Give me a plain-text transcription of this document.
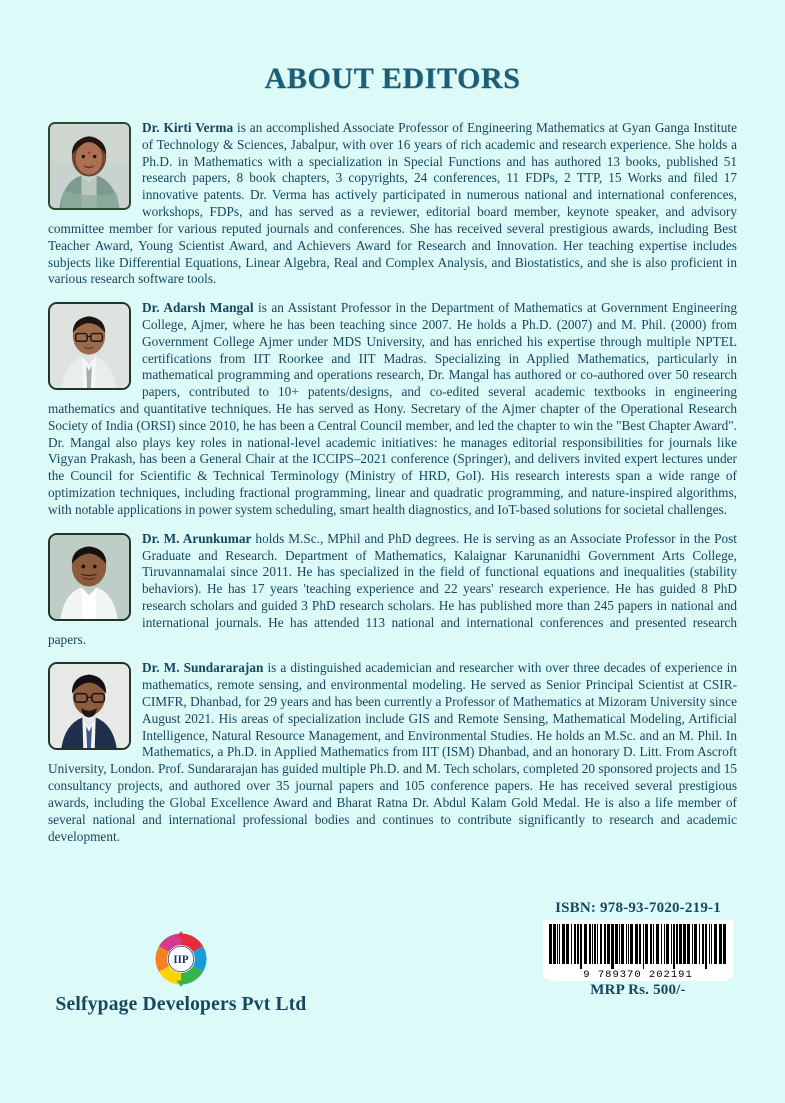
ABOUT EDITORS
Dr. Kirti Verma is an accomplished Associate Professor of Engineering Mathematics at Gyan Ganga Institute of Technology & Sciences, Jabalpur, with over 16 years of rich academic and research experience. She holds a Ph.D. in Mathematics with a specialization in Special Functions and has authored 13 books, published 51 research papers, 8 book chapters, 3 copyrights, 24 conferences, 11 FDPs, 2 TTP, 15 Works and filed 17 innovative patents. Dr. Verma has actively participated in numerous national and international conferences, workshops, FDPs, and has served as a reviewer, editorial board member, keynote speaker, and advisory committee member for various reputed journals and conferences. She has received several prestigious awards, including Best Teacher Award, Young Scientist Award, and Achievers Award for Research and Innovation. Her teaching expertise includes subjects like Differential Equations, Linear Algebra, Real and Complex Analysis, and Biostatistics, and she is also proficient in various research software tools.
Dr. Adarsh Mangal is an Assistant Professor in the Department of Mathematics at Government Engineering College, Ajmer, where he has been teaching since 2007. He holds a Ph.D. (2007) and M. Phil. (2000) from Government College Ajmer under MDS University, and has enriched his expertise through multiple NPTEL certifications from IIT Roorkee and IIT Madras. Specializing in Applied Mathematics, particularly in mathematical programming and operations research, Dr. Mangal has authored or co-authored over 50 research papers, contributed to 10+ patents/designs, and co-edited several academic textbooks in engineering mathematics and quantitative techniques. He has served as Hony. Secretary of the Ajmer chapter of the Operational Research Society of India (ORSI) since 2010, he has been a Central Council member, and led the chapter to win the "Best Chapter Award". Dr. Mangal also plays key roles in national-level academic initiatives: he manages editorial responsibilities for journals like Vigyan Prakash, has been a General Chair at the ICCIPS–2021 conference (Springer), and delivers invited expert lectures under the Council for Scientific & Technical Terminology (Ministry of HRD, GoI). His research interests span a wide range of optimization techniques, including fractional programming, linear and quadratic programming, and nature-inspired algorithms, with notable applications in power system scheduling, smart health diagnostics, and IoT-based solutions for societal challenges.
Dr. M. Arunkumar holds M.Sc., MPhil and PhD degrees. He is serving as an Associate Professor in the Post Graduate and Research. Department of Mathematics, Kalaignar Karunanidhi Government Arts College, Tiruvannamalai since 2011. He has specialized in the field of functional equations and inequalities (stability behaviors). He has 17 years 'teaching experience and 22 years' research experience. He has guided 8 PhD research scholars and guided 3 PhD research scholars. He has published more than 245 papers in national and international journals. He has attended 113 national and international conferences and presented research papers.
Dr. M. Sundararajan is a distinguished academician and researcher with over three decades of experience in mathematics, remote sensing, and environmental modeling. He served as Senior Principal Scientist at CSIR-CIMFR, Dhanbad, for 29 years and has been currently a Professor of Mathematics at Mizoram University since August 2021. His areas of specialization include GIS and Remote Sensing, Mathematical Modeling, Artificial Intelligence, Natural Resource Management, and Environmental Studies. He holds an M.Sc. and an M. Phil. In Mathematics, a Ph.D. in Applied Mathematics from IIT (ISM) Dhanbad, and an honorary D. Litt. From Ascroft University, London. Prof. Sundararajan has guided multiple Ph.D. and M. Tech scholars, completed 20 sponsored projects and 15 consultancy projects, and authored over 35 journal papers and 105 conference papers. He has received several prestigious awards, including the Global Excellence Award and Bharat Ratna Dr. Abdul Kalam Gold Medal. He is also a life member of several national and international professional bodies and continues to contribute significantly to research and academic development.
ISBN: 978-93-7020-219-1
9 789370 202191
MRP Rs. 500/-
IIP
Selfypage Developers Pvt Ltd
